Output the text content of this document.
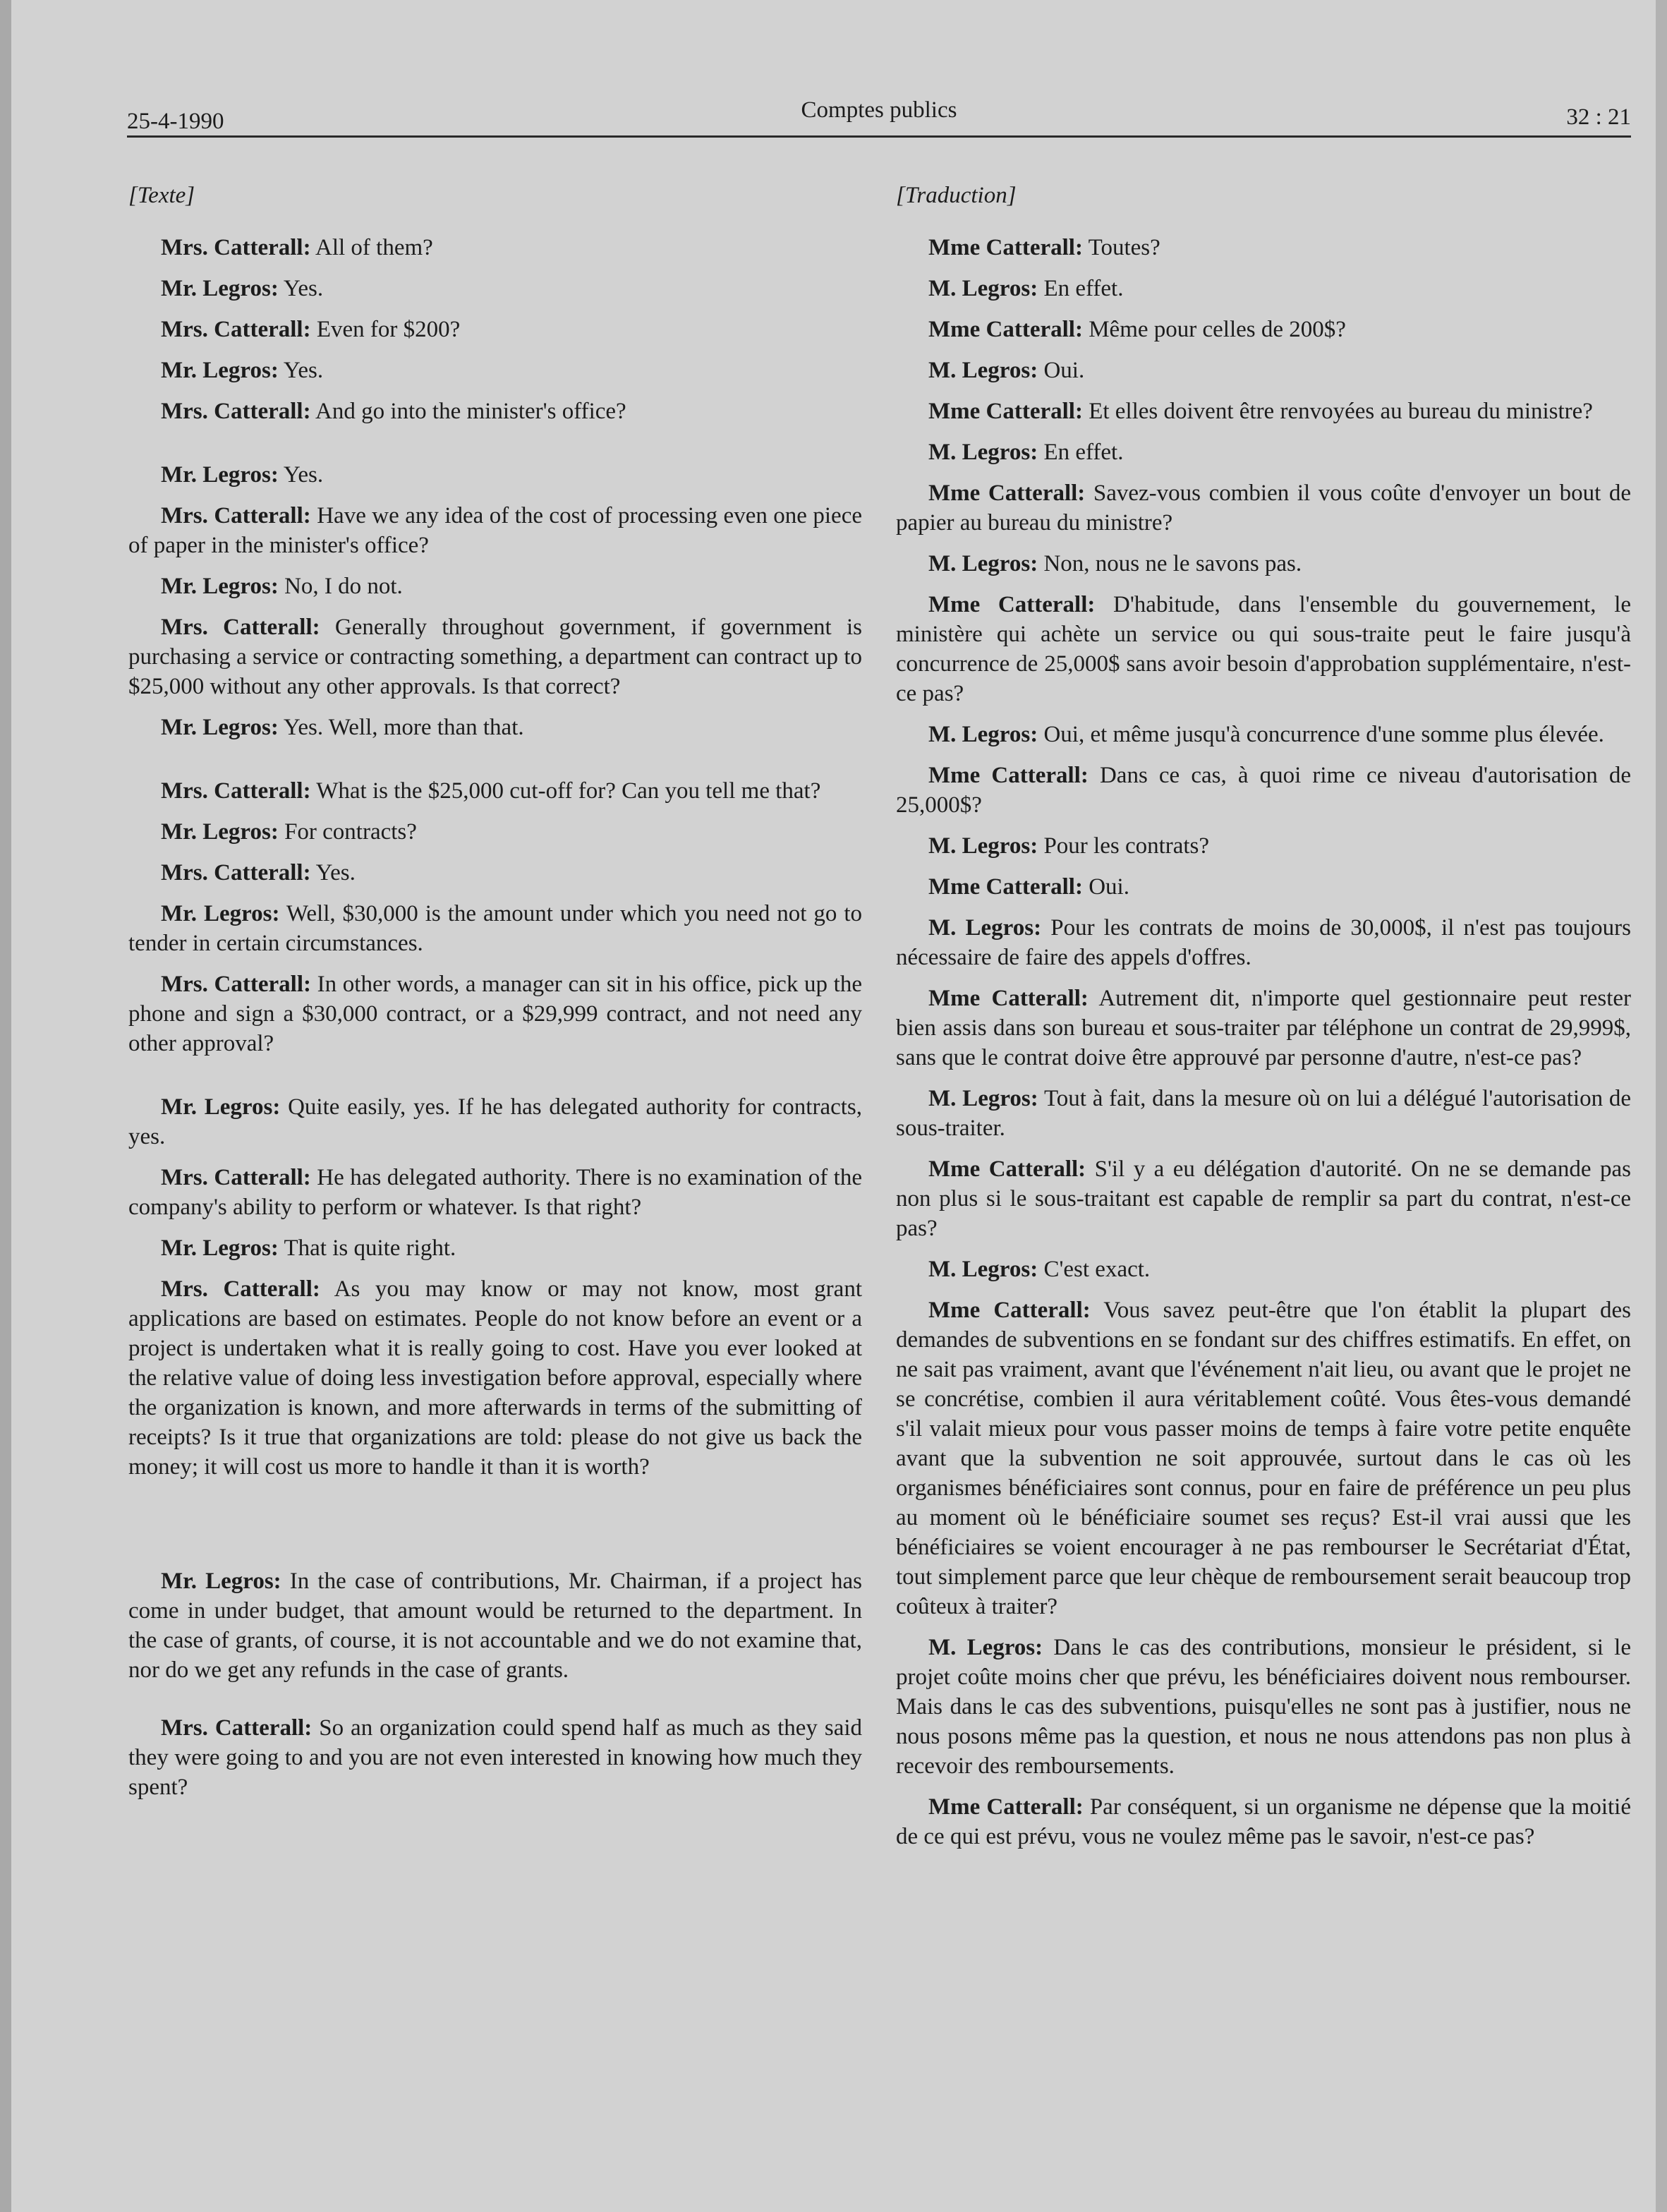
25-4-1990	Comptes publics	32 : 21
[Texte]

Mrs. Catterall: All of them?

Mr. Legros: Yes.

Mrs. Catterall: Even for $200?

Mr. Legros: Yes.

Mrs. Catterall: And go into the minister's office?

Mr. Legros: Yes.

Mrs. Catterall: Have we any idea of the cost of processing even one piece of paper in the minister's office?

Mr. Legros: No, I do not.

Mrs. Catterall: Generally throughout government, if government is purchasing a service or contracting something, a department can contract up to $25,000 without any other approvals. Is that correct?

Mr. Legros: Yes. Well, more than that.

Mrs. Catterall: What is the $25,000 cut-off for? Can you tell me that?

Mr. Legros: For contracts?

Mrs. Catterall: Yes.

Mr. Legros: Well, $30,000 is the amount under which you need not go to tender in certain circumstances.

Mrs. Catterall: In other words, a manager can sit in his office, pick up the phone and sign a $30,000 contract, or a $29,999 contract, and not need any other approval?

Mr. Legros: Quite easily, yes. If he has delegated authority for contracts, yes.

Mrs. Catterall: He has delegated authority. There is no examination of the company's ability to perform or whatever. Is that right?

Mr. Legros: That is quite right.

Mrs. Catterall: As you may know or may not know, most grant applications are based on estimates. People do not know before an event or a project is undertaken what it is really going to cost. Have you ever looked at the relative value of doing less investigation before approval, especially where the organization is known, and more afterwards in terms of the submitting of receipts? Is it true that organizations are told: please do not give us back the money; it will cost us more to handle it than it is worth?

Mr. Legros: In the case of contributions, Mr. Chairman, if a project has come in under budget, that amount would be returned to the department. In the case of grants, of course, it is not accountable and we do not examine that, nor do we get any refunds in the case of grants.

Mrs. Catterall: So an organization could spend half as much as they said they were going to and you are not even interested in knowing how much they spent?

[Traduction]

Mme Catterall: Toutes?

M. Legros: En effet.

Mme Catterall: Même pour celles de 200$?

M. Legros: Oui.

Mme Catterall: Et elles doivent être renvoyées au bureau du ministre?

M. Legros: En effet.

Mme Catterall: Savez-vous combien il vous coûte d'envoyer un bout de papier au bureau du ministre?

M. Legros: Non, nous ne le savons pas.

Mme Catterall: D'habitude, dans l'ensemble du gouvernement, le ministère qui achète un service ou qui sous-traite peut le faire jusqu'à concurrence de 25,000$ sans avoir besoin d'approbation supplémentaire, n'est-ce pas?

M. Legros: Oui, et même jusqu'à concurrence d'une somme plus élevée.

Mme Catterall: Dans ce cas, à quoi rime ce niveau d'autorisation de 25,000$?

M. Legros: Pour les contrats?

Mme Catterall: Oui.

M. Legros: Pour les contrats de moins de 30,000$, il n'est pas toujours nécessaire de faire des appels d'offres.

Mme Catterall: Autrement dit, n'importe quel gestionnaire peut rester bien assis dans son bureau et sous-traiter par téléphone un contrat de 29,999$, sans que le contrat doive être approuvé par personne d'autre, n'est-ce pas?

M. Legros: Tout à fait, dans la mesure où on lui a délégué l'autorisation de sous-traiter.

Mme Catterall: S'il y a eu délégation d'autorité. On ne se demande pas non plus si le sous-traitant est capable de remplir sa part du contrat, n'est-ce pas?

M. Legros: C'est exact.

Mme Catterall: Vous savez peut-être que l'on établit la plupart des demandes de subventions en se fondant sur des chiffres estimatifs. En effet, on ne sait pas vraiment, avant que l'événement n'ait lieu, ou avant que le projet ne se concrétise, combien il aura véritablement coûté. Vous êtes-vous demandé s'il valait mieux pour vous passer moins de temps à faire votre petite enquête avant que la subvention ne soit approuvée, surtout dans le cas où les organismes bénéficiaires sont connus, pour en faire de préférence un peu plus au moment où le bénéficiaire soumet ses reçus? Est-il vrai aussi que les bénéficiaires se voient encourager à ne pas rembourser le Secrétariat d'État, tout simplement parce que leur chèque de remboursement serait beaucoup trop coûteux à traiter?

M. Legros: Dans le cas des contributions, monsieur le président, si le projet coûte moins cher que prévu, les bénéficiaires doivent nous rembourser. Mais dans le cas des subventions, puisqu'elles ne sont pas à justifier, nous ne nous posons même pas la question, et nous ne nous attendons pas non plus à recevoir des remboursements.

Mme Catterall: Par conséquent, si un organisme ne dépense que la moitié de ce qui est prévu, vous ne voulez même pas le savoir, n'est-ce pas?
